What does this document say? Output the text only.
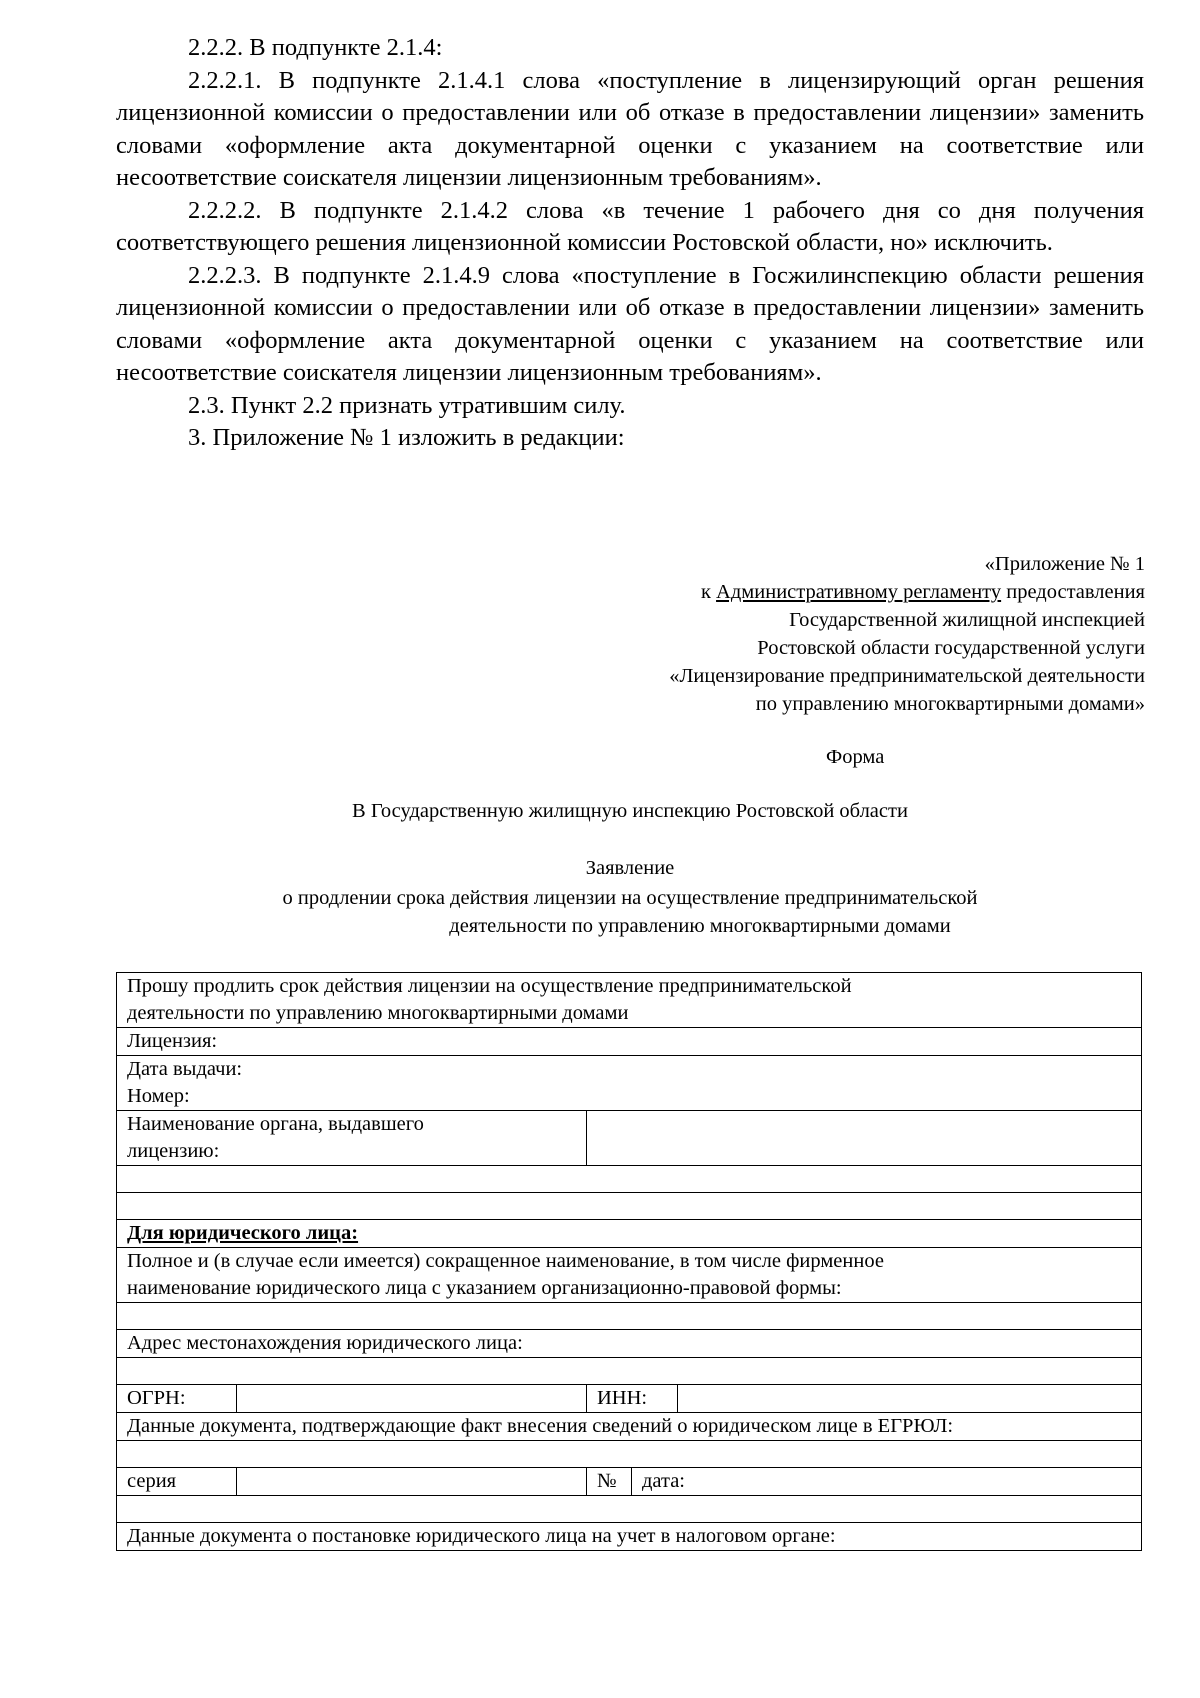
2.2.2. В подпункте 2.1.4:

2.2.2.1. В подпункте 2.1.4.1 слова «поступление в лицензирующий орган решения лицензионной комиссии о предоставлении или об отказе в предоставлении лицензии» заменить словами «оформление акта документарной оценки с указанием на соответствие или несоответствие соискателя лицензии лицензионным требованиям».

2.2.2.2. В подпункте 2.1.4.2 слова «в течение 1 рабочего дня со дня получения соответствующего решения лицензионной комиссии Ростовской области, но» исключить.

2.2.2.3. В подпункте 2.1.4.9 слова «поступление в Госжилинспекцию области решения лицензионной комиссии о предоставлении или об отказе в предоставлении лицензии» заменить словами «оформление акта документарной оценки с указанием на соответствие или несоответствие соискателя лицензии лицензионным требованиям».

2.3. Пункт 2.2 признать утратившим силу.

3. Приложение № 1 изложить в редакции:

«Приложение № 1
к Административному регламенту предоставления
Государственной жилищной инспекцией
Ростовской области государственной услуги
«Лицензирование предпринимательской деятельности
по управлению многоквартирными домами»
Форма
В Государственную жилищную инспекцию Ростовской области
Заявление
о продлении срока действия лицензии на осуществление предпринимательской
деятельности по управлению многоквартирными домами
Прошу продлить срок действия лицензии на осуществление предпринимательской
деятельности по управлению многоквартирными домами				

Лицензия:				

Дата выдачи:
Номер:				

Наименование органа, выдавшего
лицензию:				

Для юридического лица:				

Полное и (в случае если имеется) сокращенное наименование, в том числе фирменное
наименование юридического лица с указанием организационно-правовой формы:				

Адрес местонахождения юридического лица:				

ОГРН:		ИНН:		
Данные документа, подтверждающие факт внесения сведений о юридическом лице в ЕГРЮЛ:				

серия		№	дата:	

Данные документа о постановке юридического лица на учет в налоговом органе:				
